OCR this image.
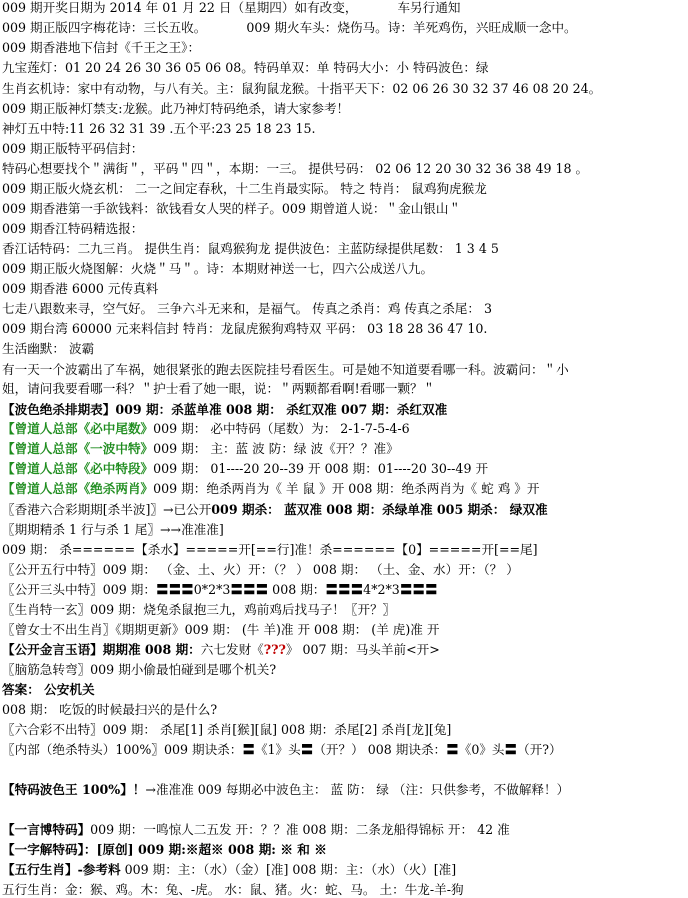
009 期开奖日期为 2014 年 01 月 22 日（星期四）如有改变，	车另行通知
009 期正版四字梅花诗：三长五收。	009 期火车头：烧伤马。诗：羊死鸡伤，兴旺成顺一念中。
009 期香港地下信封《千王之王》：
九宝莲灯：01 20 24 26 30 36 05 06 08。特码单双：单 特码大小：小 特码波色：绿
生肖玄机诗：家中有动物，与八有关。主：鼠狗鼠龙猴。十指平天下：02 06 26 30 32 37 46 08 20 24。
009 期正版神灯禁支:龙猴。此乃神灯特码绝杀，请大家参考！
神灯五中特:11 26 32 31 39 .五个平:23 25 18 23 15.
009 期正版特平码信封：
特码心想要找个＂满街＂，平码＂四＂，本期：一三。 提供号码： 02 06 12 20 30 32 36 38 49 18 。
009 期正版火烧玄机： 二一之间定春秋，十二生肖最实际。 特之 特肖： 鼠鸡狗虎猴龙
009 期香港第一手欲钱料：欲钱看女人哭的样子。009 期曾道人说：＂金山银山＂
009 期香江特码精选报：
香江话特码：二九三肖。 提供生肖：鼠鸡猴狗龙 提供波色：主蓝防绿提供尾数： 1 3 4 5
009 期正版火烧图解：火烧＂马＂。诗：本期财神送一七，四六公成送八九。
009 期香港 6000 元传真料
七走八跟数来寻，空气好。 三争六斗无来和，是福气。 传真之杀肖：鸡 传真之杀尾： 3
009 期台湾 60000 元来料信封 特肖：龙鼠虎猴狗鸡特双 平码： 03 18 28 36 47 10.
生活幽默： 波霸
有一天一个波霸出了车祸，她很紧张的跑去医院挂号看医生。可是她不知道要看哪一科。波霸问：＂小
姐，请问我要看哪一科？＂护士看了她一眼，说：＂两颗都看啊!看哪一颗？＂
【波色绝杀排期表】009 期：杀蓝单准 008 期： 杀红双准 007 期：杀红双准
【曾道人总部《必中尾数》009 期： 必中特码（尾数）为： 2-1-7-5-4-6
【曾道人总部《一波中特》009 期： 主：蓝 波 防：绿 波《开？？准》
【曾道人总部《必中特段》009 期： 01----20 20--39 开 008 期：01----20 30--49 开
【曾道人总部《绝杀两肖》009 期：绝杀两肖为《 羊 鼠 》开 008 期：绝杀两肖为《 蛇 鸡 》开
〖香港六合彩期期[杀半波]〗→已公开009 期杀： 蓝双准 008 期：杀绿单准 005 期杀： 绿双准
〖期期精杀 1 行与杀 1 尾〗→→准准准]
009 期： 杀======【杀水】=====开[==行]准！杀======【0】=====开[==尾]
〖公开五行中特〗009 期： （金、土、火）开：（？ ） 008 期： （土、金、水）开：（？ ）
〖公开三头中特〗009 期：〓〓〓0*2*3〓〓〓 008 期：〓〓〓4*2*3〓〓〓
〖生肖特一玄〗009 期：烧兔杀鼠抱三九，鸡前鸡后找马子！〖开？〗
〖曾女士不出生肖〗《期期更新》009 期： (牛 羊)准 开 008 期： (羊 虎)准 开
【公开金言玉语】期期准 008 期：六七发财《???》 007 期：马头羊前<开>
〖脑筋急转弯〗009 期小偷最怕碰到是哪个机关?
答案： 公安机关
008 期： 吃饭的时候最扫兴的是什么?
〖六合彩不出特〗009 期： 杀尾[1] 杀肖[猴][鼠] 008 期：杀尾[2] 杀肖[龙][兔]
〖内部（绝杀特头）100%〗009 期诀杀：〓《1》头〓（开？） 008 期诀杀：〓《0》头〓（开?）
【特码波色王 100%】！→准准准 009 每期必中波色主： 蓝 防： 绿 （注：只供参考，不做解释！）
【一言博特码】009 期：一鸣惊人二五发 开：？？准 008 期：二条龙船得锦标 开： 42 准
【一字解特码】：[原创] 009 期:※超※ 008 期: ※ 和 ※
【五行生肖】-参考料 009 期：主：（水）（金）[准] 008 期：主：（水）（火）[准]
五行生肖：金：猴、鸡。木：兔、-虎。 水：鼠、猪。火：蛇、马。 土：牛龙-羊-狗
